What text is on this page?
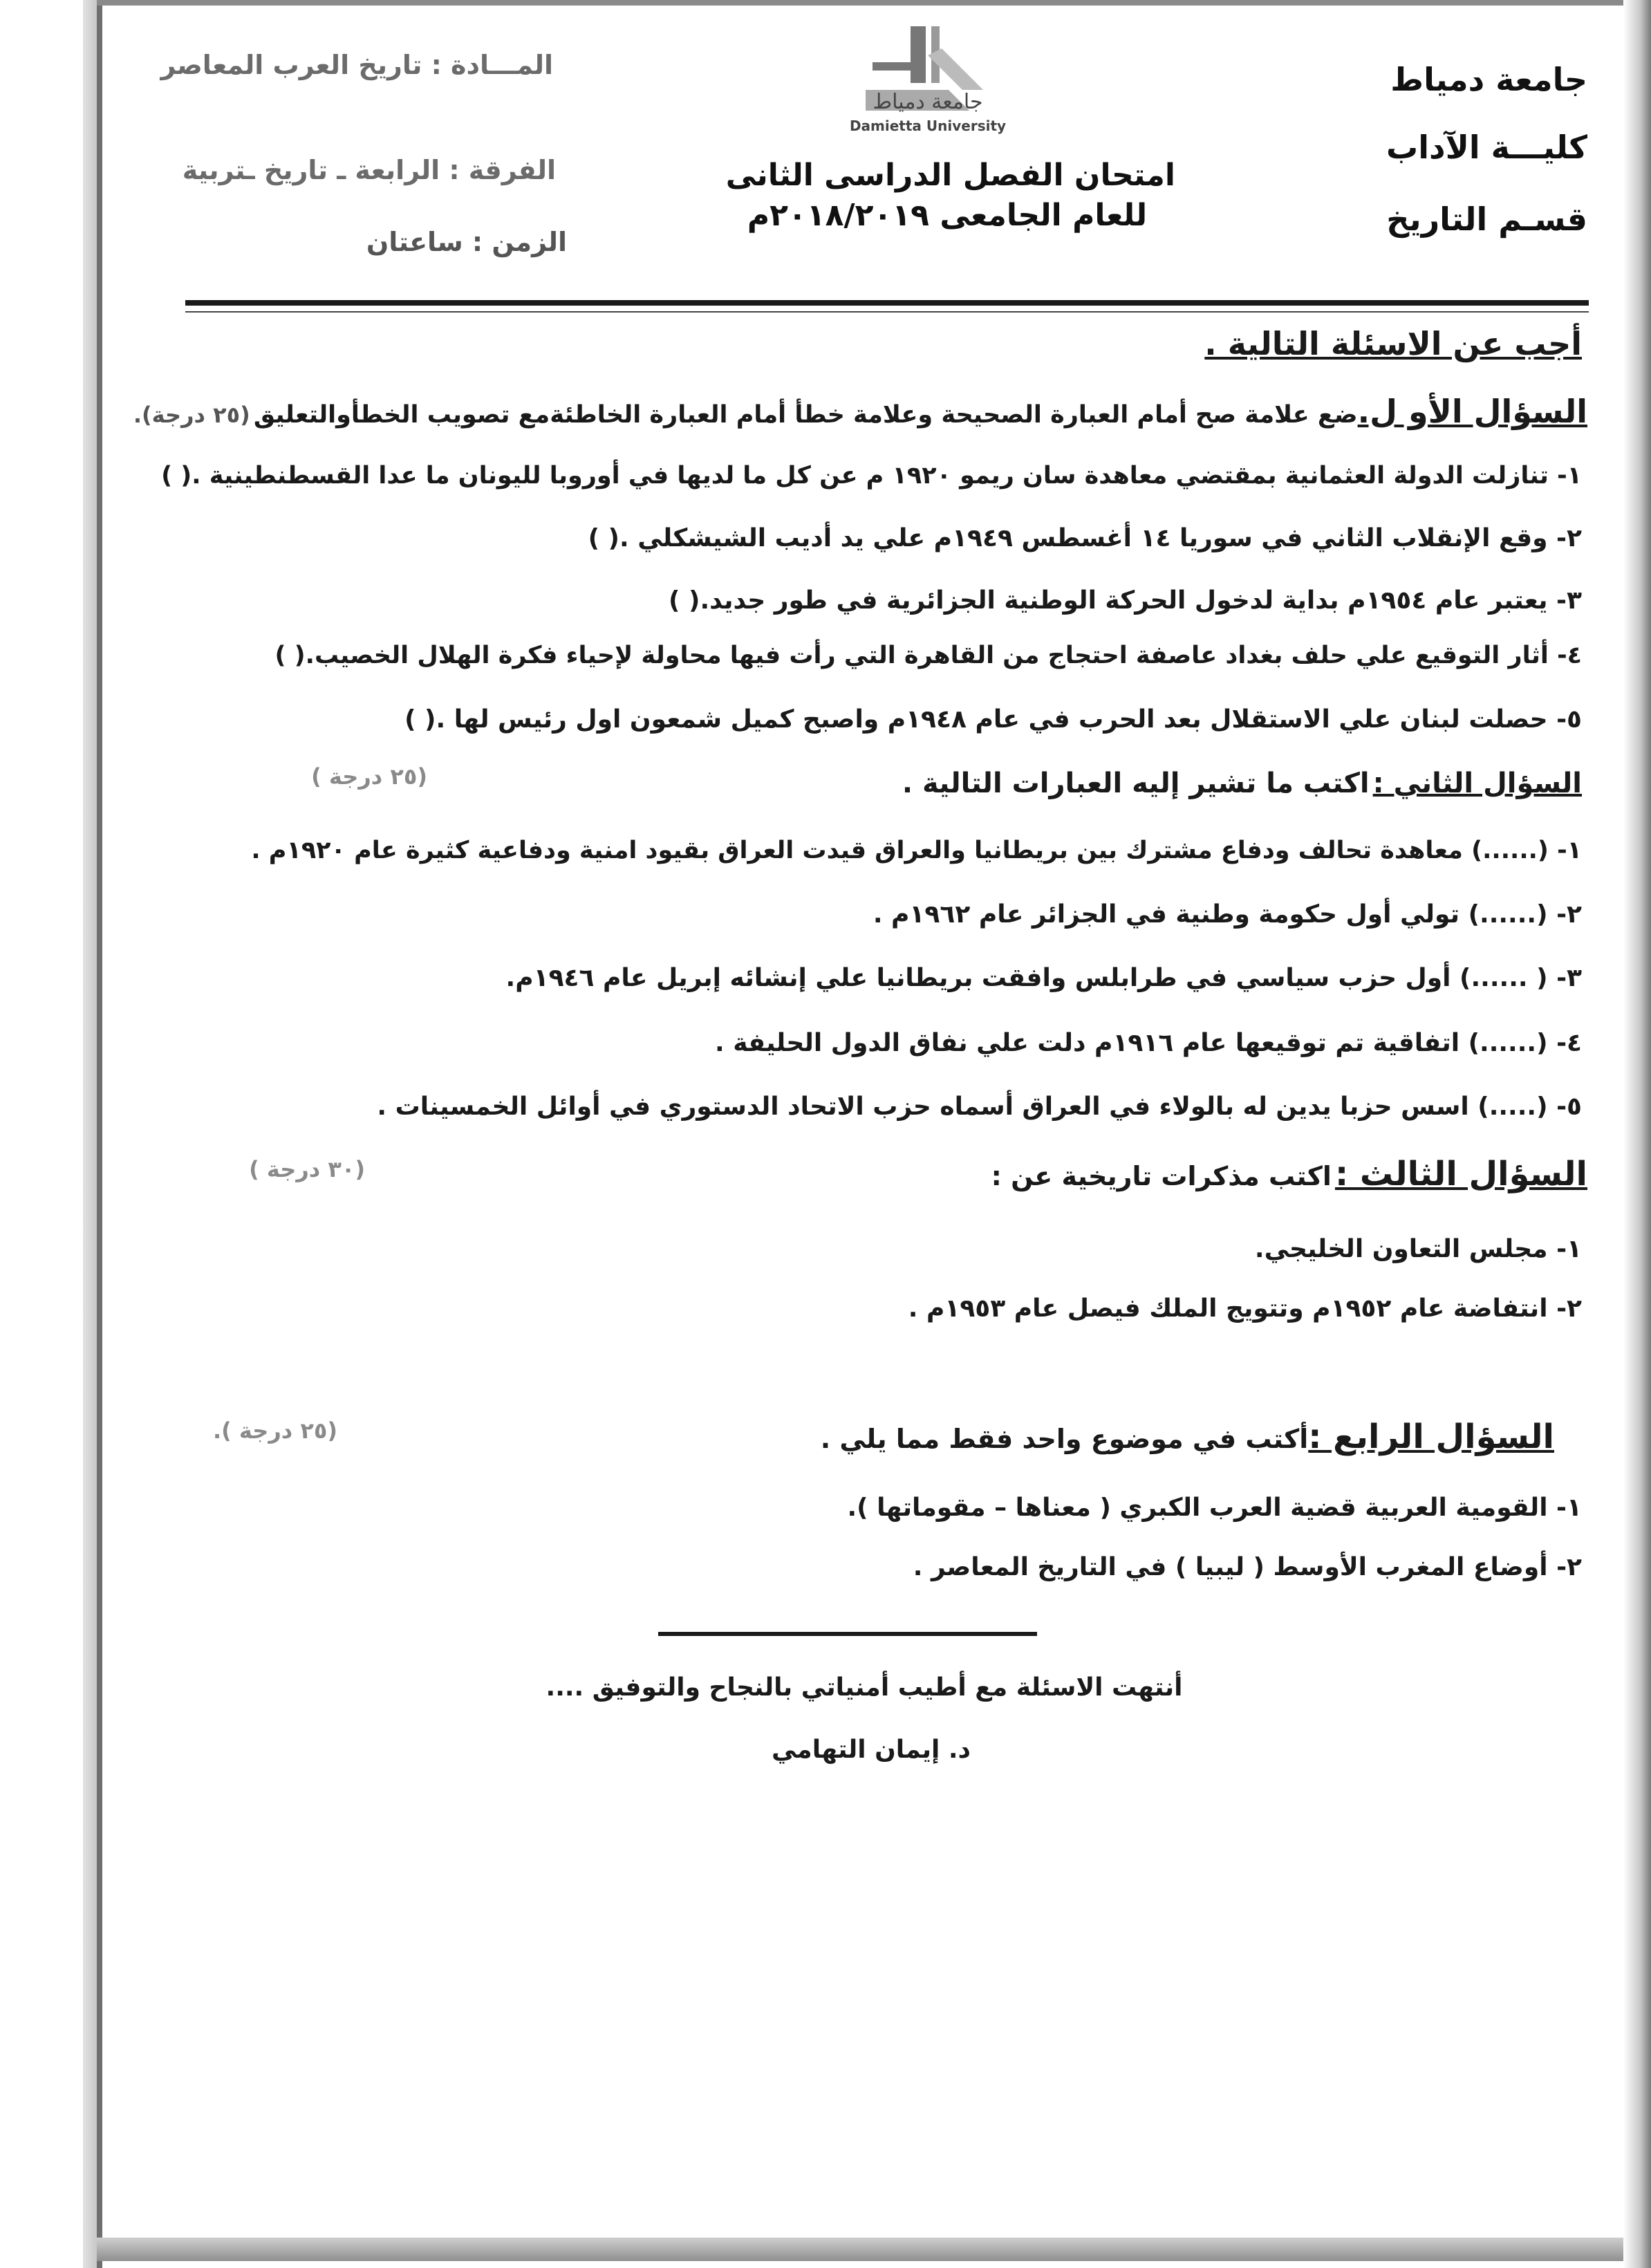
جامعة دمياط
كليـــة الآداب
قسـم التاريخ
المـــادة : تاريخ العرب المعاصر
الفرقة : الرابعة ـ تاريخ ـتربية
الزمن : ساعتان
جامعة دمياط
Damietta University
امتحان الفصل الدراسى الثانى
للعام الجامعى ٢٠١٨/٢٠١٩م
أجب عن الاسئلة التالية .
السؤال الأو ل.ضع علامة صح أمام العبارة الصحيحة وعلامة خطأ أمام العبارة الخاطئةمع تصويب الخطأوالتعليق (٢٥ درجة).
١- تنازلت الدولة العثمانية بمقتضي معاهدة سان ريمو ١٩٢٠ م عن كل ما لديها في أوروبا لليونان ما عدا القسطنطينية .( )
٢- وقع الإنقلاب الثاني في سوريا ١٤ أغسطس ١٩٤٩م علي يد أديب الشيشكلي .( )
٣- يعتبر عام ١٩٥٤م بداية لدخول الحركة الوطنية الجزائرية في طور جديد.( )
٤- أثار التوقيع علي حلف بغداد عاصفة احتجاج من القاهرة التي رأت فيها محاولة لإحياء فكرة الهلال الخصيب.( )
٥- حصلت لبنان علي الاستقلال بعد الحرب في عام ١٩٤٨م واصبح كميل شمعون اول رئيس لها .( )
(٢٥ درجة )	السؤال الثاني : اكتب ما تشير إليه العبارات التالية .
١- (......) معاهدة تحالف ودفاع مشترك بين بريطانيا والعراق قيدت العراق بقيود امنية ودفاعية كثيرة عام ١٩٢٠م .
٢- (......) تولي أول حكومة وطنية في الجزائر عام ١٩٦٢م .
٣- ( ......) أول حزب سياسي في طرابلس وافقت بريطانيا علي إنشائه إبريل عام ١٩٤٦م.
٤- (......) اتفاقية تم توقيعها عام ١٩١٦م دلت علي نفاق الدول الحليفة .
٥- (.....) اسس حزبا يدين له بالولاء في العراق أسماه حزب الاتحاد الدستوري في أوائل الخمسينات .
(٣٠ درجة )	السؤال الثالث : اكتب مذكرات تاريخية عن :
١- مجلس التعاون الخليجي.
٢- انتفاضة عام ١٩٥٢م وتتويج الملك فيصل عام ١٩٥٣م .
(٢٥ درجة ).	السؤال الرابع :أكتب في موضوع واحد فقط مما يلي .
١- القومية العربية قضية العرب الكبري ( معناها – مقوماتها ).
٢- أوضاع المغرب الأوسط ( ليبيا ) في التاريخ المعاصر .
أنتهت الاسئلة مع أطيب أمنياتي بالنجاح والتوفيق ....
د. إيمان التهامي
